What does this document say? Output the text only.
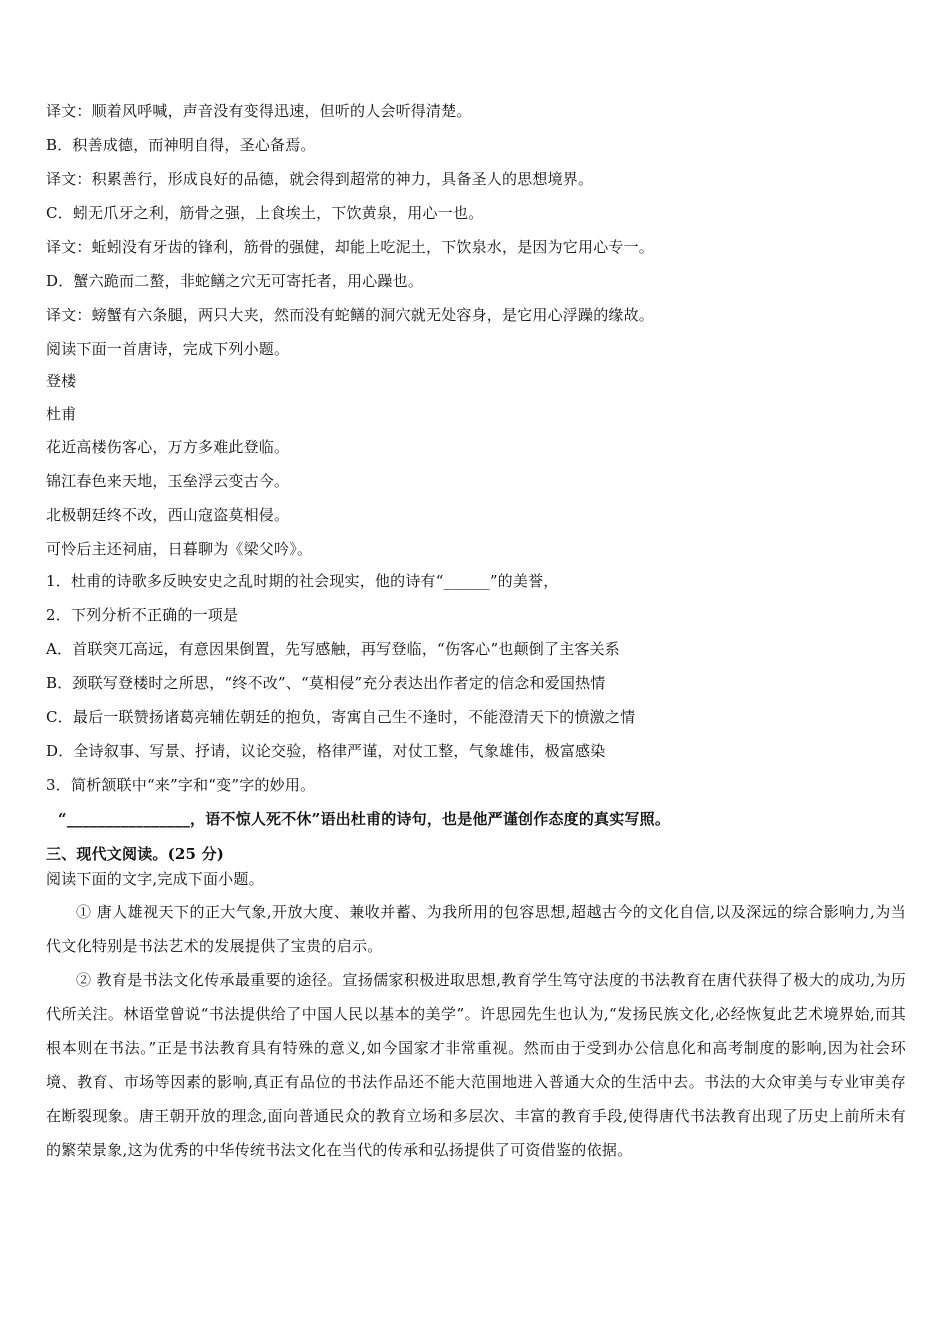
译文：顺着风呼喊，声音没有变得迅速，但听的人会听得清楚。
B．积善成德，而神明自得，圣心备焉。
译文：积累善行，形成良好的品德，就会得到超常的神力，具备圣人的思想境界。
C．蚓无爪牙之利，筋骨之强，上食埃土，下饮黄泉，用心一也。
译文：蚯蚓没有牙齿的锋利，筋骨的强健，却能上吃泥土，下饮泉水，是因为它用心专一。
D．蟹六跪而二螯，非蛇鳝之穴无可寄托者，用心躁也。
译文：螃蟹有六条腿，两只大夹，然而没有蛇鳝的洞穴就无处容身，是它用心浮躁的缘故。
阅读下面一首唐诗，完成下列小题。
登楼
杜甫
花近高楼伤客心，万方多难此登临。
锦江春色来天地，玉垒浮云变古今。
北极朝廷终不改，西山寇盗莫相侵。
可怜后主还祠庙，日暮聊为《梁父吟》。
1．杜甫的诗歌多反映安史之乱时期的社会现实，他的诗有“______”的美誉，
2．下列分析不正确的一项是
A．首联突兀高远，有意因果倒置，先写感触，再写登临，“伤客心”也颠倒了主客关系
B．颈联写登楼时之所思，“终不改”、“莫相侵”充分表达出作者定的信念和爱国热情
C．最后一联赞扬诸葛亮辅佐朝廷的抱负，寄寓自己生不逢时，不能澄清天下的愤激之情
D．全诗叙事、写景、抒请，议论交验，格律严谨，对仗工整，气象雄伟，极富感染
3．简析颔联中“来”字和“变”字的妙用。
“________________，语不惊人死不休”语出杜甫的诗句，也是他严谨创作态度的真实写照。
三、现代文阅读。(25 分)
阅读下面的文字,完成下面小题。
① 唐人雄视天下的正大气象,开放大度、兼收并蓄、为我所用的包容思想,超越古今的文化自信,以及深远的综合影响力,为当代文化特别是书法艺术的发展提供了宝贵的启示。
② 教育是书法文化传承最重要的途径。宣扬儒家积极进取思想,教育学生笃守法度的书法教育在唐代获得了极大的成功,为历代所关注。林语堂曾说“书法提供给了中国人民以基本的美学”。许思园先生也认为,“发扬民族文化,必经恢复此艺术境界始,而其根本则在书法。”正是书法教育具有特殊的意义,如今国家才非常重视。然而由于受到办公信息化和高考制度的影响,因为社会环境、教育、市场等因素的影响,真正有品位的书法作品还不能大范围地进入普通大众的生活中去。书法的大众审美与专业审美存在断裂现象。唐王朝开放的理念,面向普通民众的教育立场和多层次、丰富的教育手段,使得唐代书法教育出现了历史上前所未有的繁荣景象,这为优秀的中华传统书法文化在当代的传承和弘扬提供了可资借鉴的依据。
